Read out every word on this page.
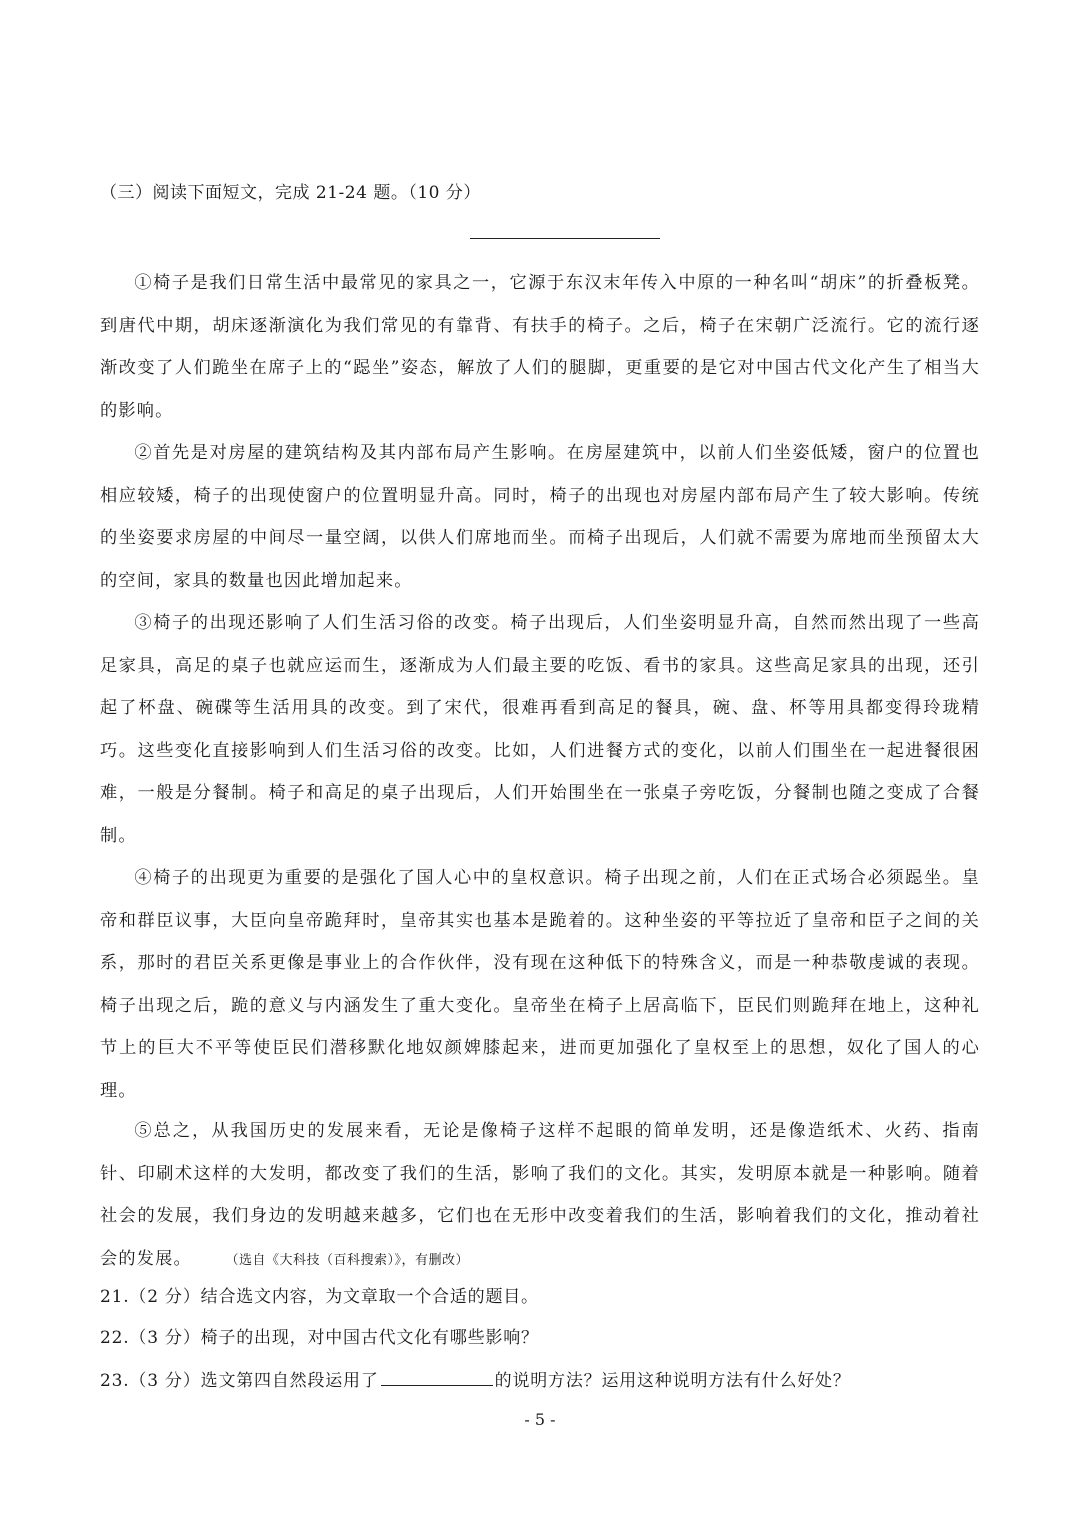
（三）阅读下面短文，完成 21-24 题。（10 分）

①椅子是我们日常生活中最常见的家具之一，它源于东汉末年传入中原的一种名叫“胡床”的折叠板凳。到唐代中期，胡床逐渐演化为我们常见的有靠背、有扶手的椅子。之后，椅子在宋朝广泛流行。它的流行逐渐改变了人们跪坐在席子上的“跽坐”姿态，解放了人们的腿脚，更重要的是它对中国古代文化产生了相当大的影响。

②首先是对房屋的建筑结构及其内部布局产生影响。在房屋建筑中，以前人们坐姿低矮，窗户的位置也相应较矮，椅子的出现使窗户的位置明显升高。同时，椅子的出现也对房屋内部布局产生了较大影响。传统的坐姿要求房屋的中间尽一量空阔，以供人们席地而坐。而椅子出现后，人们就不需要为席地而坐预留太大的空间，家具的数量也因此增加起来。

③椅子的出现还影响了人们生活习俗的改变。椅子出现后，人们坐姿明显升高，自然而然出现了一些高足家具，高足的桌子也就应运而生，逐渐成为人们最主要的吃饭、看书的家具。这些高足家具的出现，还引起了杯盘、碗碟等生活用具的改变。到了宋代，很难再看到高足的餐具，碗、盘、杯等用具都变得玲珑精巧。这些变化直接影响到人们生活习俗的改变。比如，人们进餐方式的变化，以前人们围坐在一起进餐很困难，一般是分餐制。椅子和高足的桌子出现后，人们开始围坐在一张桌子旁吃饭，分餐制也随之变成了合餐制。

④椅子的出现更为重要的是强化了国人心中的皇权意识。椅子出现之前，人们在正式场合必须跽坐。皇帝和群臣议事，大臣向皇帝跪拜时，皇帝其实也基本是跪着的。这种坐姿的平等拉近了皇帝和臣子之间的关系，那时的君臣关系更像是事业上的合作伙伴，没有现在这种低下的特殊含义，而是一种恭敬虔诚的表现。椅子出现之后，跪的意义与内涵发生了重大变化。皇帝坐在椅子上居高临下，臣民们则跪拜在地上，这种礼节上的巨大不平等使臣民们潜移默化地奴颜婢膝起来，进而更加强化了皇权至上的思想，奴化了国人的心理。

⑤总之，从我国历史的发展来看，无论是像椅子这样不起眼的简单发明，还是像造纸术、火药、指南针、印刷术这样的大发明，都改变了我们的生活，影响了我们的文化。其实，发明原本就是一种影响。随着社会的发展，我们身边的发明越来越多，它们也在无形中改变着我们的生活，影响着我们的文化，推动着社会的发展。	（选自《大科技（百科搜索）》，有删改）

21.（2 分）结合选文内容，为文章取一个合适的题目。
22.（3 分）椅子的出现，对中国古代文化有哪些影响？
23.（3 分）选文第四自然段运用了	的说明方法？运用这种说明方法有什么好处？
- 5 -
